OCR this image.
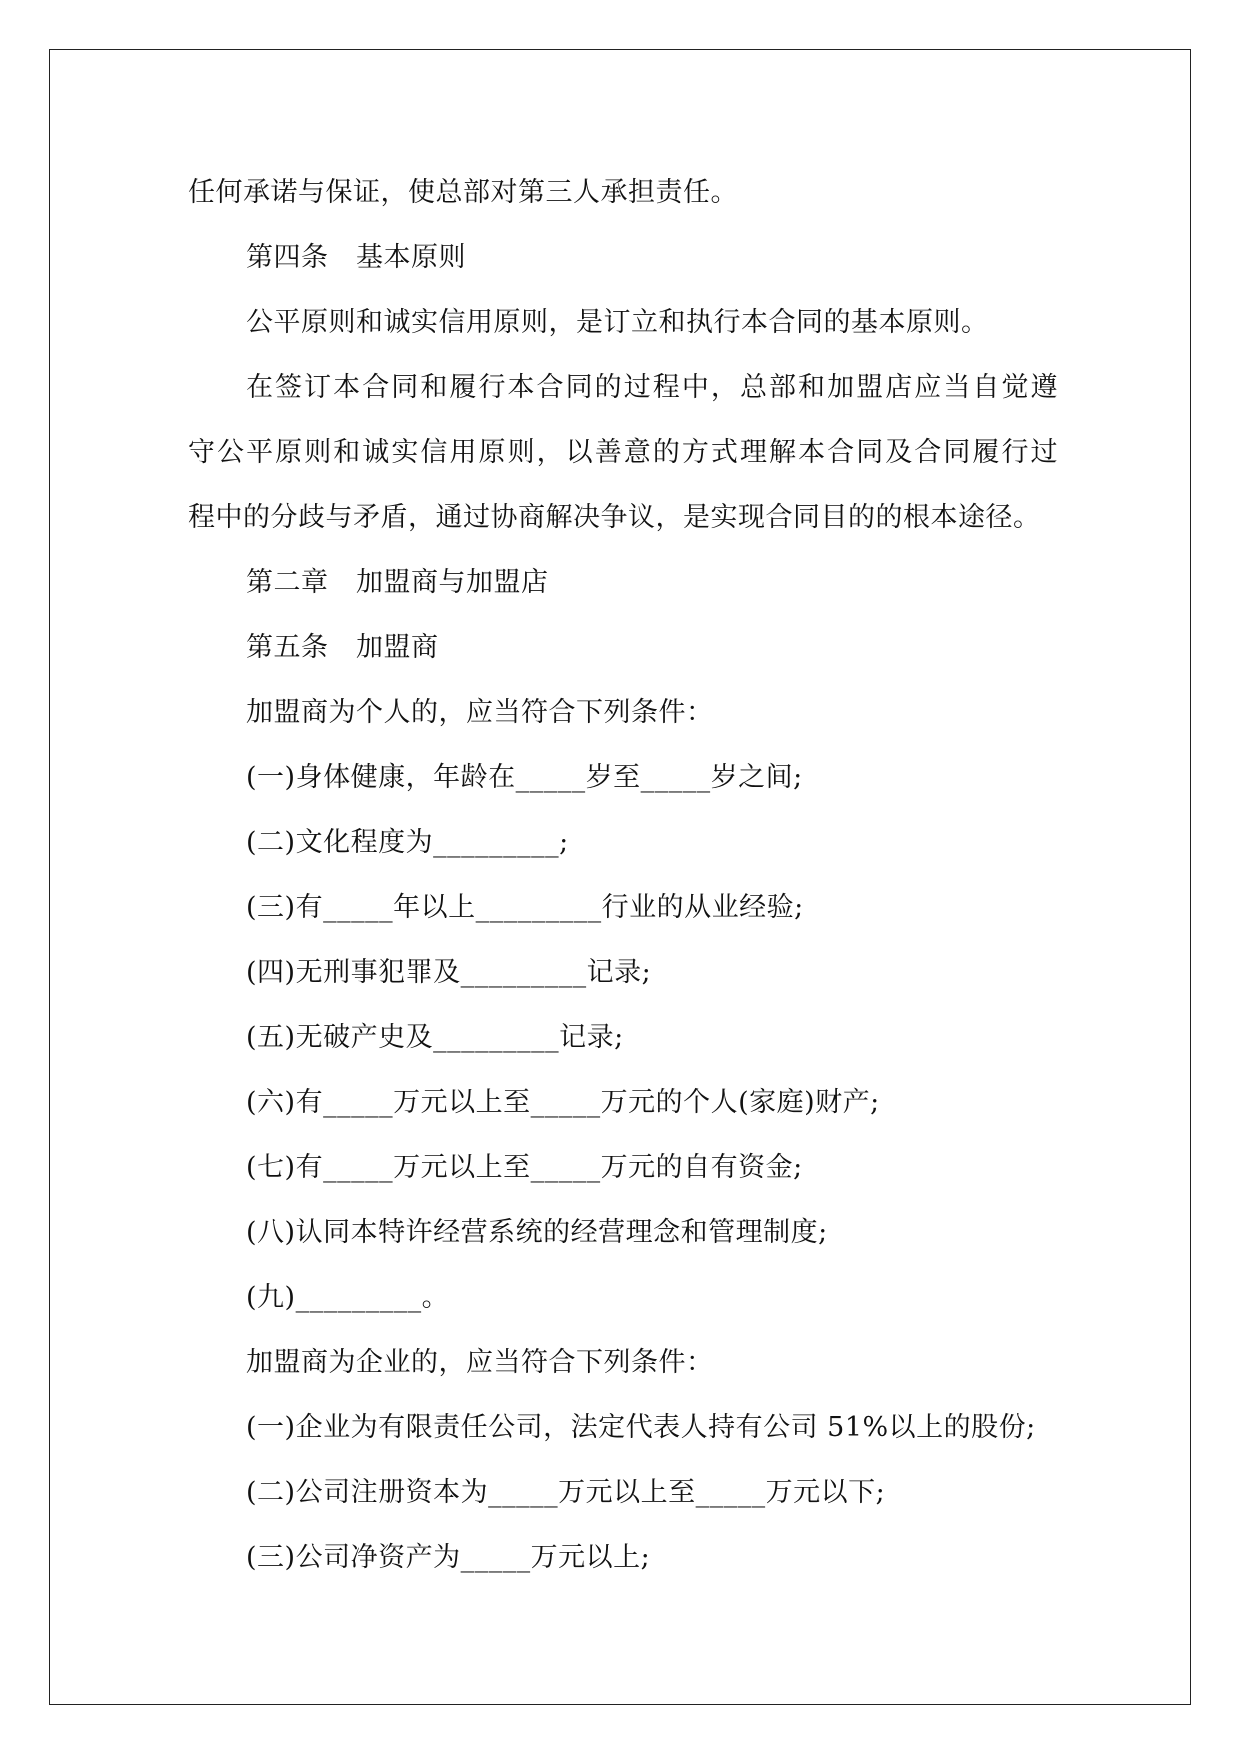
任何承诺与保证，使总部对第三人承担责任。
第四条　基本原则
公平原则和诚实信用原则，是订立和执行本合同的基本原则。
在签订本合同和履行本合同的过程中，总部和加盟店应当自觉遵
守公平原则和诚实信用原则，以善意的方式理解本合同及合同履行过
程中的分歧与矛盾，通过协商解决争议，是实现合同目的的根本途径。
第二章　加盟商与加盟店
第五条　加盟商
加盟商为个人的，应当符合下列条件：
(一)身体健康，年龄在_____岁至_____岁之间;
(二)文化程度为_________;
(三)有_____年以上_________行业的从业经验;
(四)无刑事犯罪及_________记录;
(五)无破产史及_________记录;
(六)有_____万元以上至_____万元的个人(家庭)财产;
(七)有_____万元以上至_____万元的自有资金;
(八)认同本特许经营系统的经营理念和管理制度;
(九)_________。
加盟商为企业的，应当符合下列条件：
(一)企业为有限责任公司，法定代表人持有公司 51%以上的股份;
(二)公司注册资本为_____万元以上至_____万元以下;
(三)公司净资产为_____万元以上;
